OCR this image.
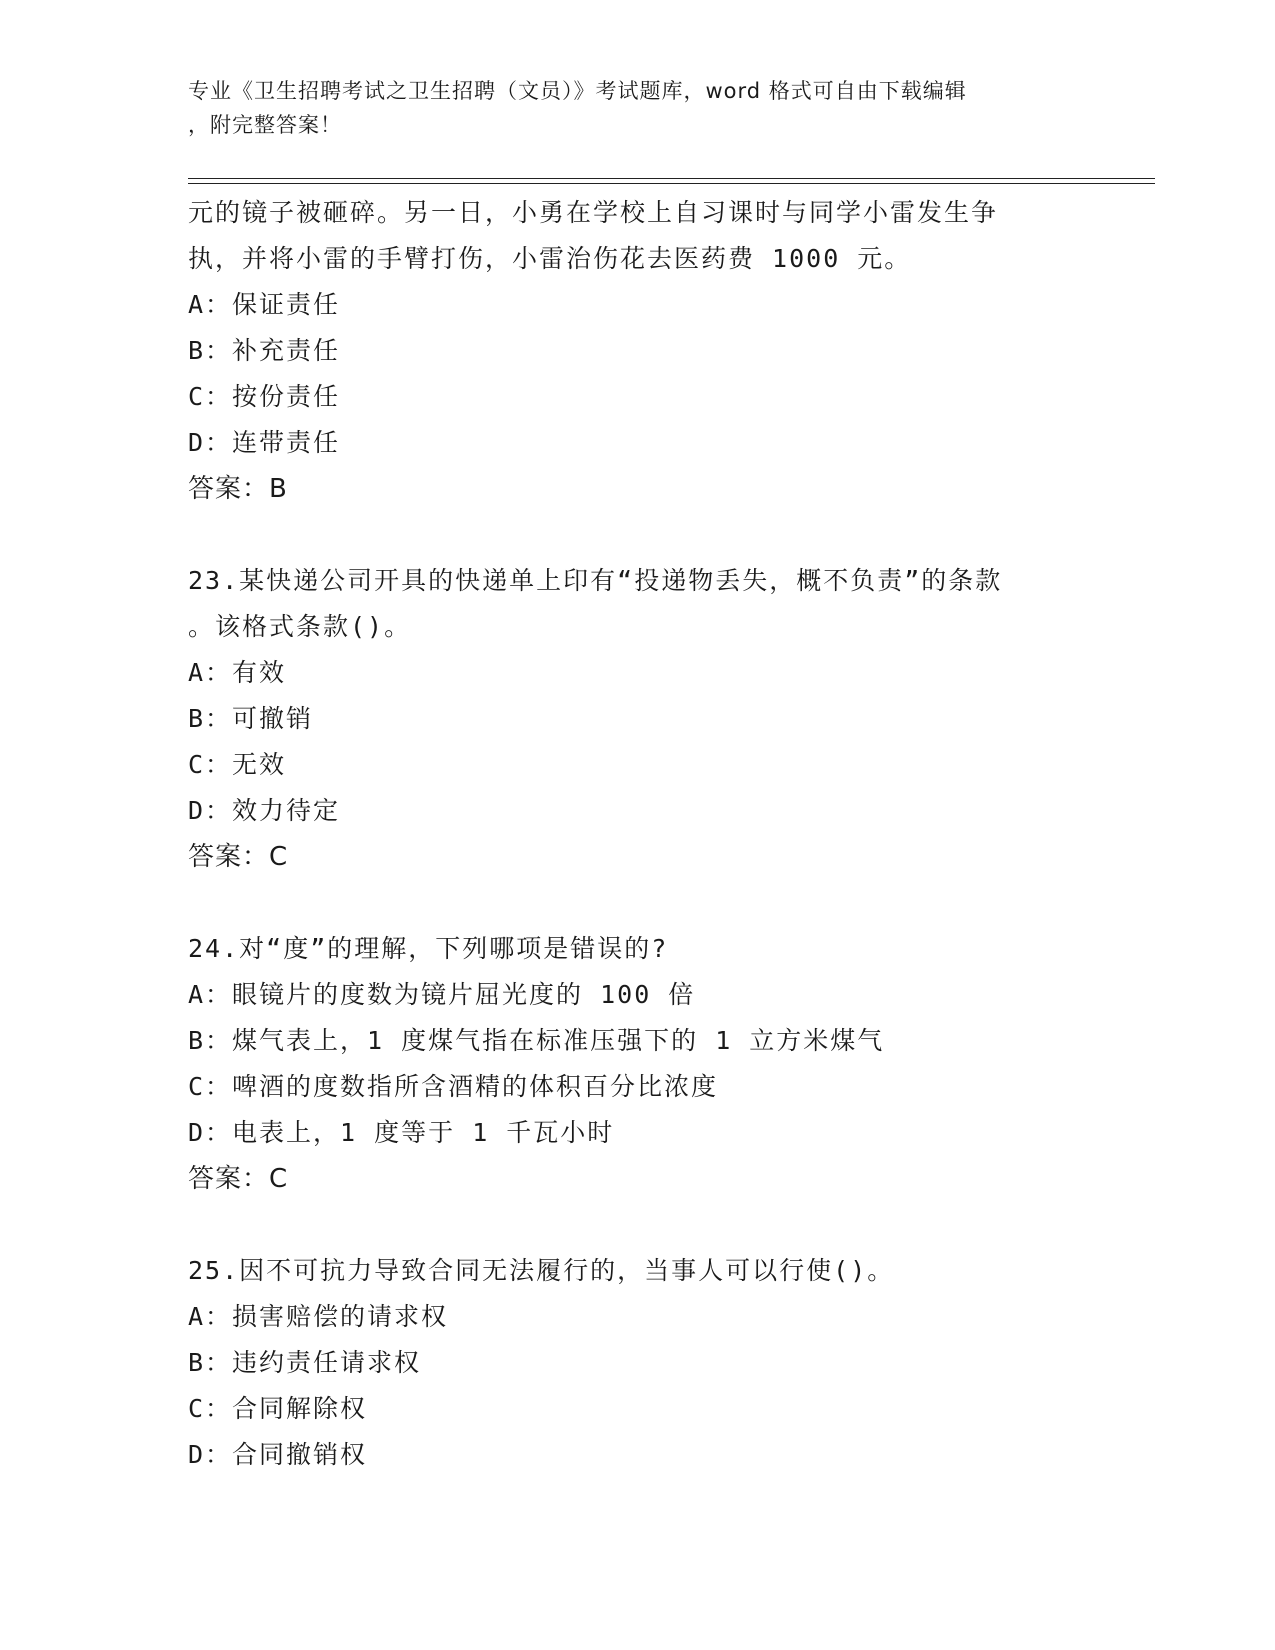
专业《卫生招聘考试之卫生招聘（文员）》考试题库，word 格式可自由下载编辑
，附完整答案！
元的镜子被砸碎。另一日，小勇在学校上自习课时与同学小雷发生争
执，并将小雷的手臂打伤，小雷治伤花去医药费 1000 元。
A：保证责任
B：补充责任
C：按份责任
D：连带责任
答案：B
23.某快递公司开具的快递单上印有“投递物丢失，概不负责”的条款
。该格式条款()。
A：有效
B：可撤销
C：无效
D：效力待定
答案：C
24.对“度”的理解，下列哪项是错误的?
A：眼镜片的度数为镜片屈光度的 100 倍
B：煤气表上，1 度煤气指在标准压强下的 1 立方米煤气
C：啤酒的度数指所含酒精的体积百分比浓度
D：电表上，1 度等于 1 千瓦小时
答案：C
25.因不可抗力导致合同无法履行的，当事人可以行使()。
A：损害赔偿的请求权
B：违约责任请求权
C：合同解除权
D：合同撤销权
